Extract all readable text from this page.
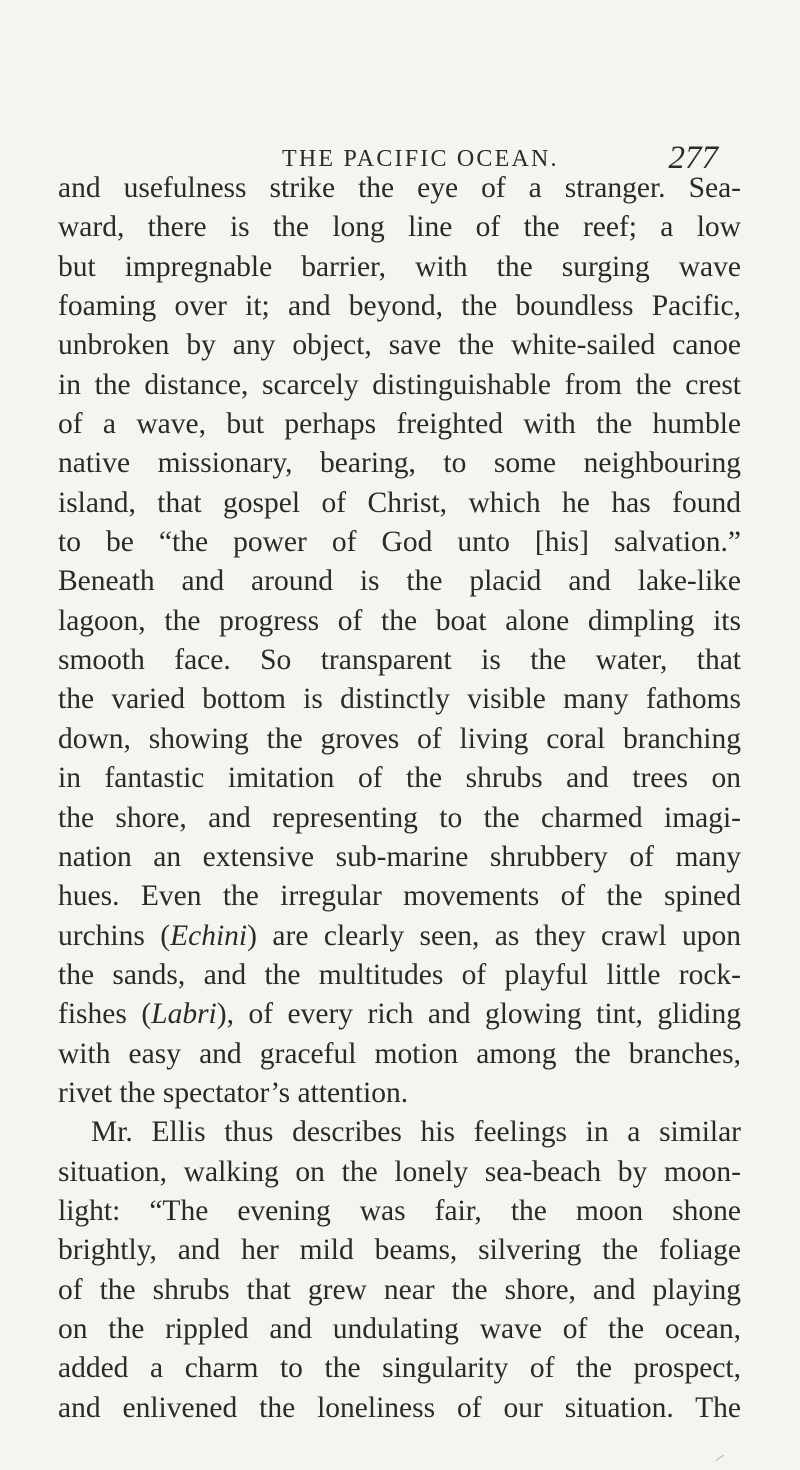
THE PACIFIC OCEAN.	277
and usefulness strike the eye of a stranger. Sea-
ward, there is the long line of the reef; a low
but impregnable barrier, with the surging wave
foaming over it; and beyond, the boundless Pacific,
unbroken by any object, save the white-sailed canoe
in the distance, scarcely distinguishable from the crest
of a wave, but perhaps freighted with the humble
native missionary, bearing, to some neighbouring
island, that gospel of Christ, which he has found
to be “the power of God unto [his] salvation.”
Beneath and around is the placid and lake-like
lagoon, the progress of the boat alone dimpling its
smooth face. So transparent is the water, that
the varied bottom is distinctly visible many fathoms
down, showing the groves of living coral branching
in fantastic imitation of the shrubs and trees on
the shore, and representing to the charmed imagi-
nation an extensive sub-marine shrubbery of many
hues. Even the irregular movements of the spined
urchins (Echini) are clearly seen, as they crawl upon
the sands, and the multitudes of playful little rock-
fishes (Labri), of every rich and glowing tint, gliding
with easy and graceful motion among the branches,
rivet the spectator’s attention.
Mr. Ellis thus describes his feelings in a similar
situation, walking on the lonely sea-beach by moon-
light: “The evening was fair, the moon shone
brightly, and her mild beams, silvering the foliage
of the shrubs that grew near the shore, and playing
on the rippled and undulating wave of the ocean,
added a charm to the singularity of the prospect,
and enlivened the loneliness of our situation. The
